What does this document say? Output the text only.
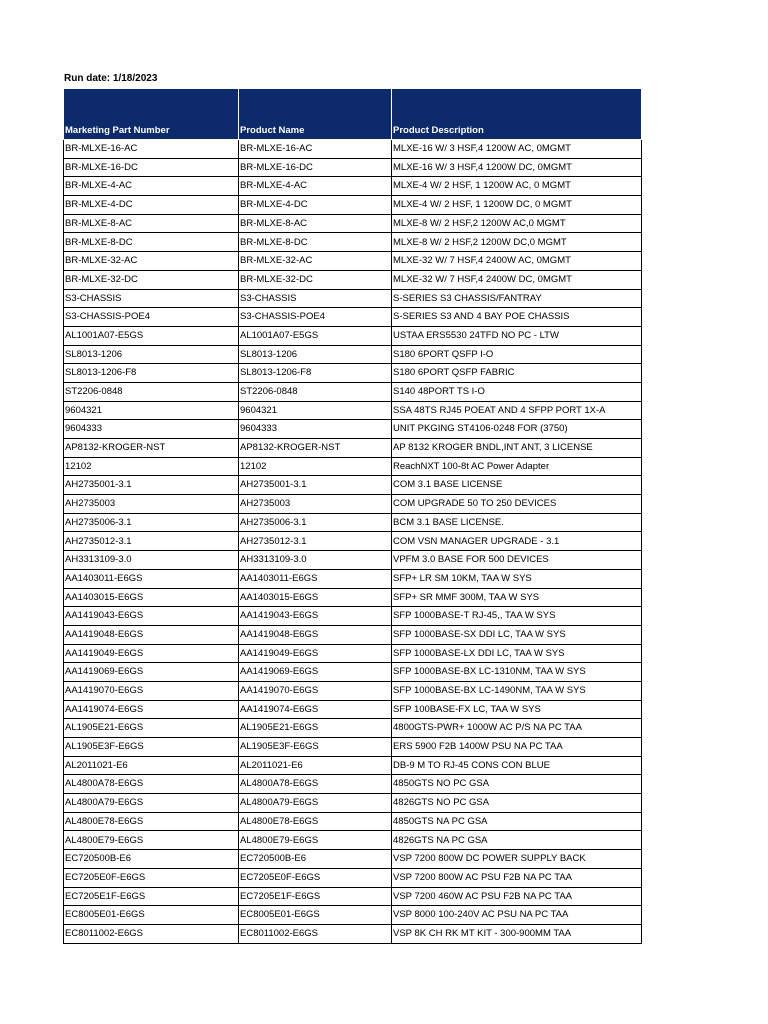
Run date: 1/18/2023
Marketing Part Number	Product Name	Product Description
BR-MLXE-16-AC	BR-MLXE-16-AC	MLXE-16 W/ 3 HSF,4 1200W AC, 0MGMT
BR-MLXE-16-DC	BR-MLXE-16-DC	MLXE-16 W/ 3 HSF,4 1200W DC, 0MGMT
BR-MLXE-4-AC	BR-MLXE-4-AC	MLXE-4 W/ 2 HSF, 1 1200W AC, 0 MGMT
BR-MLXE-4-DC	BR-MLXE-4-DC	MLXE-4 W/ 2 HSF, 1 1200W DC, 0 MGMT
BR-MLXE-8-AC	BR-MLXE-8-AC	MLXE-8 W/ 2 HSF,2 1200W AC,0 MGMT
BR-MLXE-8-DC	BR-MLXE-8-DC	MLXE-8 W/ 2 HSF,2 1200W DC,0 MGMT
BR-MLXE-32-AC	BR-MLXE-32-AC	MLXE-32 W/ 7 HSF,4 2400W AC, 0MGMT
BR-MLXE-32-DC	BR-MLXE-32-DC	MLXE-32 W/ 7 HSF,4 2400W DC, 0MGMT
S3-CHASSIS	S3-CHASSIS	S-SERIES S3 CHASSIS/FANTRAY
S3-CHASSIS-POE4	S3-CHASSIS-POE4	S-SERIES S3 AND 4 BAY POE CHASSIS
AL1001A07-E5GS	AL1001A07-E5GS	USTAA ERS5530 24TFD NO PC - LTW
SL8013-1206	SL8013-1206	S180 6PORT QSFP I-O
SL8013-1206-F8	SL8013-1206-F8	S180 6PORT QSFP FABRIC
ST2206-0848	ST2206-0848	S140 48PORT TS I-O
9604321	9604321	SSA 48TS RJ45 POEAT AND 4 SFPP PORT 1X-A
9604333	9604333	UNIT PKGING ST4106-0248 FOR (3750)
AP8132-KROGER-NST	AP8132-KROGER-NST	AP 8132 KROGER BNDL,INT ANT, 3 LICENSE
12102	12102	ReachNXT 100-8t AC Power Adapter
AH2735001-3.1	AH2735001-3.1	COM 3.1 BASE LICENSE
AH2735003	AH2735003	COM UPGRADE 50 TO 250 DEVICES
AH2735006-3.1	AH2735006-3.1	BCM 3.1 BASE LICENSE.
AH2735012-3.1	AH2735012-3.1	COM VSN MANAGER UPGRADE - 3.1
AH3313109-3.0	AH3313109-3.0	VPFM 3.0 BASE FOR 500 DEVICES
AA1403011-E6GS	AA1403011-E6GS	SFP+ LR SM 10KM, TAA W SYS
AA1403015-E6GS	AA1403015-E6GS	SFP+ SR MMF 300M, TAA W SYS
AA1419043-E6GS	AA1419043-E6GS	SFP 1000BASE-T RJ-45,, TAA W SYS
AA1419048-E6GS	AA1419048-E6GS	SFP 1000BASE-SX DDI LC, TAA W SYS
AA1419049-E6GS	AA1419049-E6GS	SFP 1000BASE-LX DDI LC, TAA W SYS
AA1419069-E6GS	AA1419069-E6GS	SFP 1000BASE-BX LC-1310NM, TAA W SYS
AA1419070-E6GS	AA1419070-E6GS	SFP 1000BASE-BX LC-1490NM, TAA W SYS
AA1419074-E6GS	AA1419074-E6GS	SFP 100BASE-FX LC, TAA W SYS
AL1905E21-E6GS	AL1905E21-E6GS	4800GTS-PWR+ 1000W AC P/S NA PC TAA
AL1905E3F-E6GS	AL1905E3F-E6GS	ERS 5900 F2B 1400W PSU NA PC TAA
AL2011021-E6	AL2011021-E6	DB-9 M TO RJ-45 CONS CON BLUE
AL4800A78-E6GS	AL4800A78-E6GS	4850GTS NO PC GSA
AL4800A79-E6GS	AL4800A79-E6GS	4826GTS NO PC GSA
AL4800E78-E6GS	AL4800E78-E6GS	4850GTS NA PC GSA
AL4800E79-E6GS	AL4800E79-E6GS	4826GTS NA PC GSA
EC720500B-E6	EC720500B-E6	VSP 7200 800W DC POWER SUPPLY BACK
EC7205E0F-E6GS	EC7205E0F-E6GS	VSP 7200 800W AC PSU F2B NA PC TAA
EC7205E1F-E6GS	EC7205E1F-E6GS	VSP 7200 460W AC PSU F2B NA PC TAA
EC8005E01-E6GS	EC8005E01-E6GS	VSP 8000 100-240V AC PSU NA PC TAA
EC8011002-E6GS	EC8011002-E6GS	VSP 8K CH RK MT KIT - 300-900MM TAA
